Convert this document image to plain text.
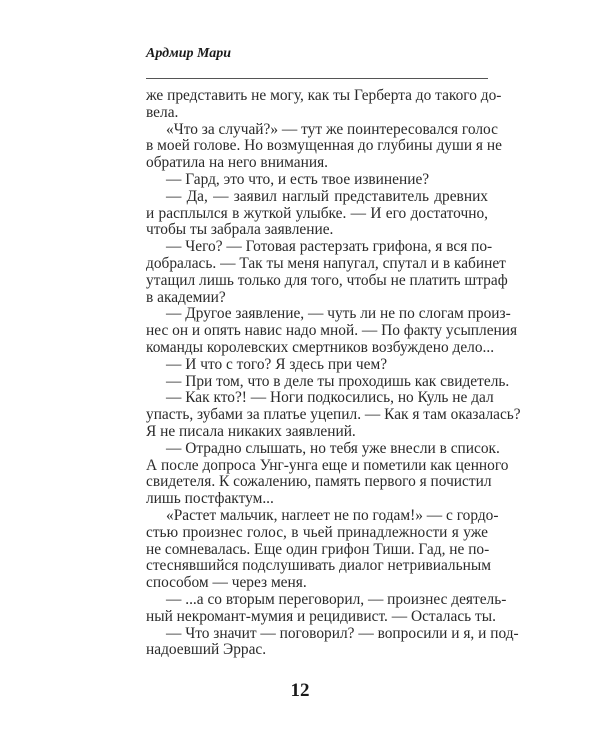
Ардмир Мари
же представить не могу, как ты Герберта до такого до-
вела.
«Что за случай?» — тут же поинтересовался голос
в моей голове. Но возмущенная до глубины души я не
обратила на него внимания.
— Гард, это что, и есть твое извинение?
— Да, — заявил наглый представитель древних
и расплылся в жуткой улыбке. — И его достаточно,
чтобы ты забрала заявление.
— Чего? — Готовая растерзать грифона, я вся по-
добралась. — Так ты меня напугал, спутал и в кабинет
утащил лишь только для того, чтобы не платить штраф
в академии?
— Другое заявление, — чуть ли не по слогам произ-
нес он и опять навис надо мной. — По факту усыпления
команды королевских смертников возбуждено дело...
— И что с того? Я здесь при чем?
— При том, что в деле ты проходишь как свидетель.
— Как кто?! — Ноги подкосились, но Куль не дал
упасть, зубами за платье уцепил. — Как я там оказалась?
Я не писала никаких заявлений.
— Отрадно слышать, но тебя уже внесли в список.
А после допроса Унг-унга еще и пометили как ценного
свидетеля. К сожалению, память первого я почистил
лишь постфактум...
«Растет мальчик, наглеет не по годам!» — с гордо-
стью произнес голос, в чьей принадлежности я уже
не сомневалась. Еще один грифон Тиши. Гад, не по-
стеснявшийся подслушивать диалог нетривиальным
способом — через меня.
— ...а со вторым переговорил, — произнес деятель-
ный некромант-мумия и рецидивист. — Осталась ты.
— Что значит — поговорил? — вопросили и я, и под-
надоевший Эррас.
12
